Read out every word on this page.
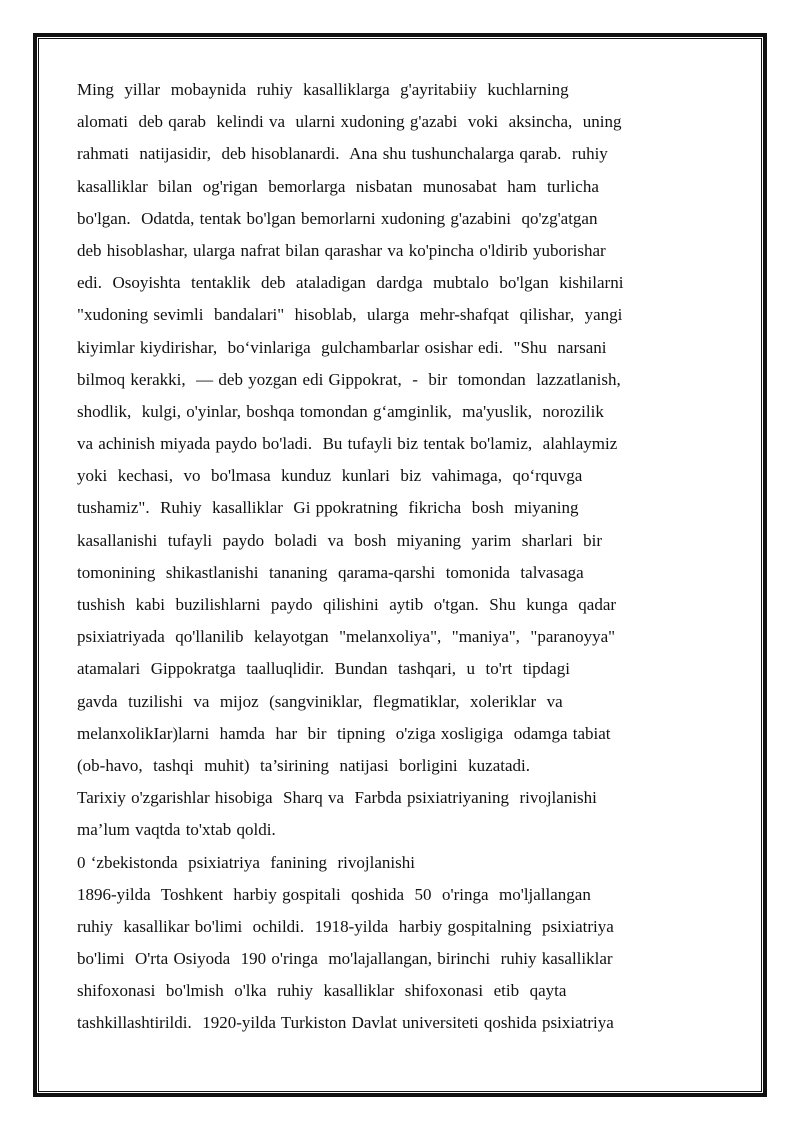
Ming  yillar  mobaynida  ruhiy  kasalliklarga  g'ayritabiiy  kuchlarning
alomati  deb qarab  kelindi va  ularni xudoning g'azabi  voki  aksincha,  uning
rahmati  natijasidir,  deb hisoblanardi.  Ana shu tushunchalarga qarab.  ruhiy
kasalliklar  bilan  og'rigan  bemorlarga  nisbatan  munosabat  ham  turlicha
bo'lgan.  Odatda, tentak bo'lgan bemorlarni xudoning g'azabini  qo'zg'atgan
deb hisoblashar, ularga nafrat bilan qarashar va ko'pincha o'ldirib yuborishar
edi.  Osoyishta  tentaklik  deb  ataladigan  dardga  mubtalo  bo'lgan  kishilarni
"xudoning sevimli  bandalari"  hisoblab,  ularga  mehr-shafqat  qilishar,  yangi
kiyimlar kiydirishar,  bo‘vinlariga  gulchambarlar osishar edi.  "Shu  narsani
bilmoq kerakki,  — deb yozgan edi Gippokrat,  -  bir  tomondan  lazzatlanish,
shodlik,  kulgi, o'yinlar, boshqa tomondan g‘amginlik,  ma'yuslik,  norozilik
va achinish miyada paydo bo'ladi.  Bu tufayli biz tentak bo'lamiz,  alahlaymiz
yoki  kechasi,  vo  bo'lmasa  kunduz  kunlari  biz  vahimaga,  qo‘rquvga
tushamiz".  Ruhiy  kasalliklar  Gi ppokratning  fikricha  bosh  miyaning
kasallanishi  tufayli  paydo  boladi  va  bosh  miyaning  yarim  sharlari  bir
tomonining  shikastlanishi  tananing  qarama-qarshi  tomonida  talvasaga
tushish  kabi  buzilishlarni  paydo  qilishini  aytib  o'tgan.  Shu  kunga  qadar
psixiatriyada  qo'llanilib  kelayotgan  "melanxoliya",  "maniya",  "paranoyya"
atamalari  Gippokratga  taalluqlidir.  Bundan  tashqari,  u  to'rt  tipdagi
gavda  tuzilishi  va  mijoz  (sangviniklar,  flegmatiklar,  xoleriklar  va
melanxolikIar)larni  hamda  har  bir  tipning  o'ziga xosligiga  odamga tabiat
(ob-havo,  tashqi  muhit)  ta’sirining  natijasi  borligini  kuzatadi.
Tarixiy o'zgarishlar hisobiga  Sharq va  Farbda psixiatriyaning  rivojlanishi
ma’lum vaqtda to'xtab qoldi.
0 ‘zbekistonda  psixiatriya  fanining  rivojlanishi
1896-yilda  Toshkent  harbiy gospitali  qoshida  50  o'ringa  mo'ljallangan
ruhiy  kasallikar bo'limi  ochildi.  1918-yilda  harbiy gospitalning  psixiatriya
bo'limi  O'rta Osiyoda  190 o'ringa  mo'lajallangan, birinchi  ruhiy kasalliklar
shifoxonasi  bo'lmish  o'lka  ruhiy  kasalliklar  shifoxonasi  etib  qayta
tashkillashtirildi.  1920-yilda Turkiston Davlat universiteti qoshida psixiatriya
